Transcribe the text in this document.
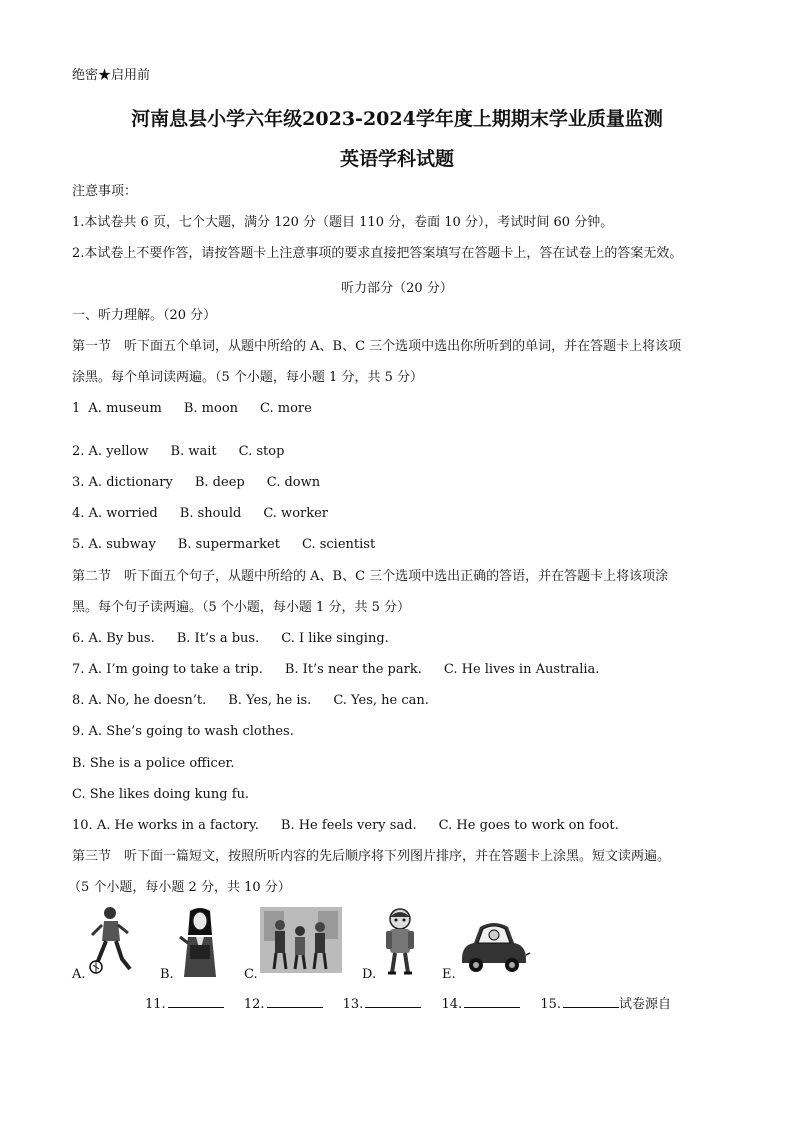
绝密★启用前
河南息县小学六年级2023-2024学年度上期期末学业质量监测
英语学科试题
注意事项：
1.本试卷共 6 页，七个大题，满分 120 分（题目 110 分，卷面 10 分），考试时间 60 分钟。
2.本试卷上不要作答，请按答题卡上注意事项的要求直接把答案填写在答题卡上，答在试卷上的答案无效。
听力部分（20 分）
一、听力理解。（20 分）
第一节　听下面五个单词，从题中所给的 A、B、C 三个选项中选出你所听到的单词，并在答题卡上将该项
涂黑。每个单词读两遍。（5 个小题，每小题 1 分，共 5 分）
1 A. museum B. moon C. more
2. A. yellow B. wait C. stop
3. A. dictionary B. deep C. down
4. A. worried B. should C. worker
5. A. subway B. supermarket C. scientist
第二节　听下面五个句子，从题中所给的 A、B、C 三个选项中选出正确的答语，并在答题卡上将该项涂
黑。每个句子读两遍。（5 个小题，每小题 1 分，共 5 分）
6. A. By bus. B. It’s a bus. C. I like singing.
7. A. I’m going to take a trip. B. It’s near the park. C. He lives in Australia.
8. A. No, he doesn’t. B. Yes, he is. C. Yes, he can.
9. A. She’s going to wash clothes.
B. She is a police officer.
C. She likes doing kung fu.
10. A. He works in a factory. B. He feels very sad. C. He goes to work on foot.
第三节　听下面一篇短文，按照所听内容的先后顺序将下列图片排序，并在答题卡上涂黑。短文读两遍。
（5 个小题，每小题 2 分，共 10 分）
A.	B.	C.	D.	E.
11.	12.	13.	14.	15.	试卷源自
